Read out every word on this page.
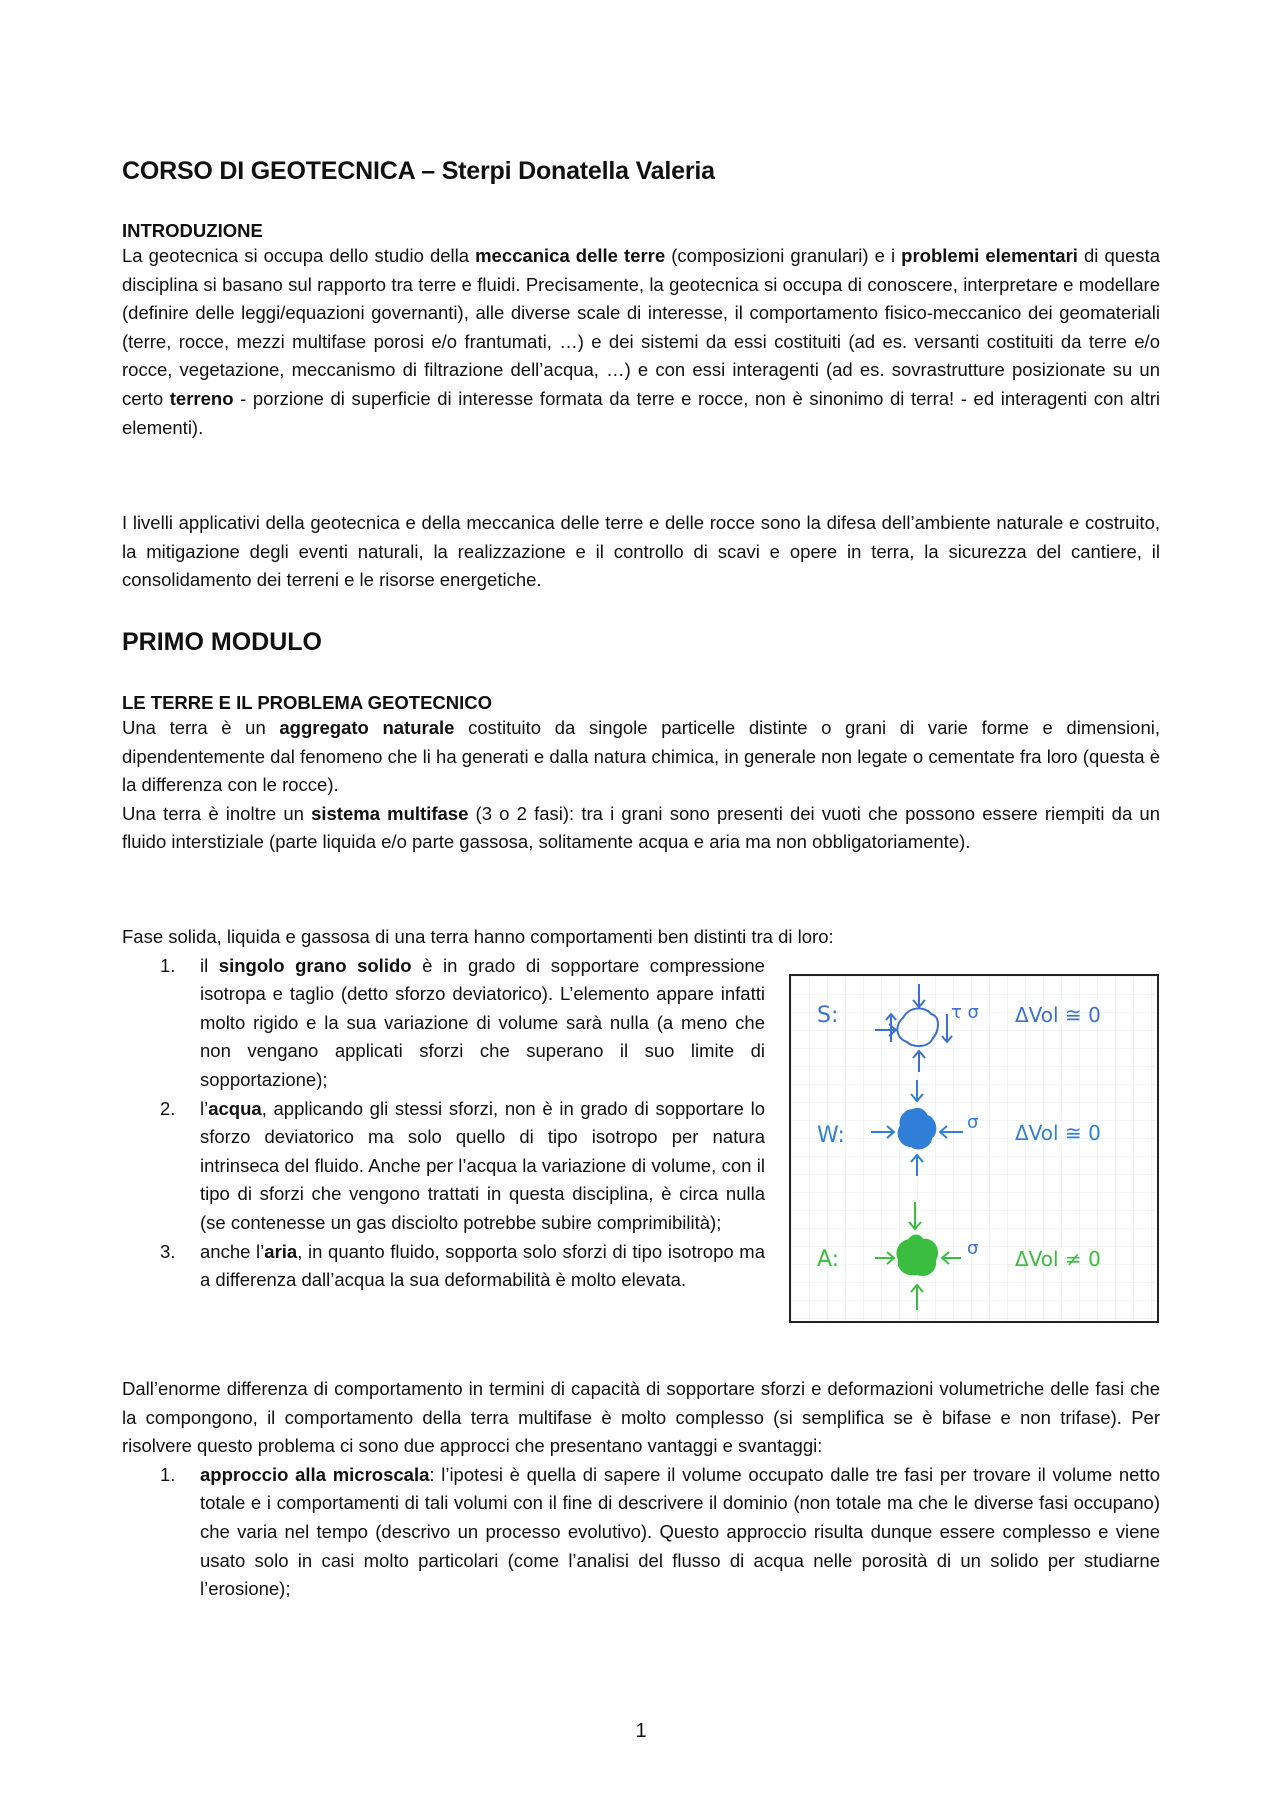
CORSO DI GEOTECNICA – Sterpi Donatella Valeria
INTRODUZIONE

La geotecnica si occupa dello studio della meccanica delle terre (composizioni granulari) e i problemi elementari di questa disciplina si basano sul rapporto tra terre e fluidi. Precisamente, la geotecnica si occupa di conoscere, interpretare e modellare (definire delle leggi/equazioni governanti), alle diverse scale di interesse, il comportamento fisico-meccanico dei geomateriali (terre, rocce, mezzi multifase porosi e/o frantumati, …) e dei sistemi da essi costituiti (ad es. versanti costituiti da terre e/o rocce, vegetazione, meccanismo di filtrazione dell’acqua, …) e con essi interagenti (ad es. sovrastrutture posizionate su un certo terreno - porzione di superficie di interesse formata da terre e rocce, non è sinonimo di terra! - ed interagenti con altri elementi).

I livelli applicativi della geotecnica e della meccanica delle terre e delle rocce sono la difesa dell’ambiente naturale e costruito, la mitigazione degli eventi naturali, la realizzazione e il controllo di scavi e opere in terra, la sicurezza del cantiere, il consolidamento dei terreni e le risorse energetiche.

PRIMO MODULO
LE TERRE E IL PROBLEMA GEOTECNICO

Una terra è un aggregato naturale costituito da singole particelle distinte o grani di varie forme e dimensioni, dipendentemente dal fenomeno che li ha generati e dalla natura chimica, in generale non legate o cementate fra loro (questa è la differenza con le rocce).

Una terra è inoltre un sistema multifase (3 o 2 fasi): tra i grani sono presenti dei vuoti che possono essere riempiti da un fluido interstiziale (parte liquida e/o parte gassosa, solitamente acqua e aria ma non obbligatoriamente).

Fase solida, liquida e gassosa di una terra hanno comportamenti ben distinti tra di loro:

1. il singolo grano solido è in grado di sopportare compressione isotropa e taglio (detto sforzo deviatorico). L’elemento appare infatti molto rigido e la sua variazione di volume sarà nulla (a meno che non vengano applicati sforzi che superano il suo limite di sopportazione);
2. l’acqua, applicando gli stessi sforzi, non è in grado di sopportare lo sforzo deviatorico ma solo quello di tipo isotropo per natura intrinseca del fluido. Anche per l’acqua la variazione di volume, con il tipo di sforzi che vengono trattati in questa disciplina, è circa nulla (se contenesse un gas disciolto potrebbe subire comprimibilità);
3. anche l’aria, in quanto fluido, sopporta solo sforzi di tipo isotropo ma a differenza dall’acqua la sua deformabilità è molto elevata.
S:	τ σ ΔVol ≅ 0
W:
σ ΔVol ≅ 0
A:	σ ΔVol ≠ 0

Dall’enorme differenza di comportamento in termini di capacità di sopportare sforzi e deformazioni volumetriche delle fasi che la compongono, il comportamento della terra multifase è molto complesso (si semplifica se è bifase e non trifase). Per risolvere questo problema ci sono due approcci che presentano vantaggi e svantaggi:

1. approccio alla microscala: l’ipotesi è quella di sapere il volume occupato dalle tre fasi per trovare il volume netto totale e i comportamenti di tali volumi con il fine di descrivere il dominio (non totale ma che le diverse fasi occupano) che varia nel tempo (descrivo un processo evolutivo). Questo approccio risulta dunque essere complesso e viene usato solo in casi molto particolari (come l’analisi del flusso di acqua nelle porosità di un solido per studiarne l’erosione);
1
